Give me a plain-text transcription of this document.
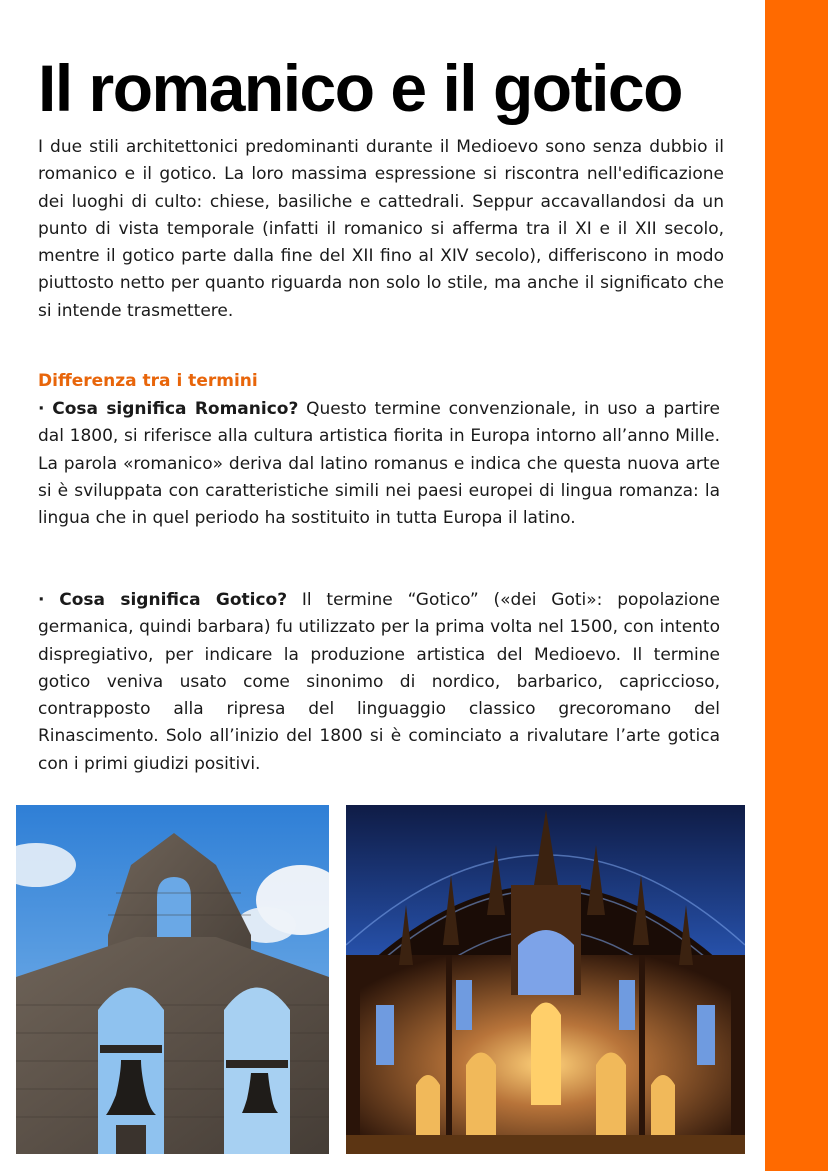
Il romanico e il gotico

I due stili architettonici predominanti durante il Medioevo sono senza dubbio il romanico e il gotico. La loro massima espressione si riscontra nell'edificazione dei luoghi di culto: chiese, basiliche e cattedrali. Seppur accavallandosi da un punto di vista temporale (infatti il romanico si afferma tra il XI e il XII secolo, mentre il gotico parte dalla fine del XII fino al XIV secolo), differiscono in modo piuttosto netto per quanto riguarda non solo lo stile, ma anche il significato che si intende trasmettere.

Differenza tra i termini

· Cosa significa Romanico? Questo termine convenzionale, in uso a partire dal 1800, si riferisce alla cultura artistica fiorita in Europa intorno all’anno Mille. La parola «romanico» deriva dal latino romanus e indica che questa nuova arte si è sviluppata con caratteristiche simili nei paesi europei di lingua romanza: la lingua che in quel periodo ha sostituito in tutta Europa il latino.

· Cosa significa Gotico? Il termine “Gotico” («dei Goti»: popolazione germanica, quindi barbara) fu utilizzato per la prima volta nel 1500, con intento dispregiativo, per indicare la produzione artistica del Medioevo. Il termine gotico veniva usato come sinonimo di nordico, barbarico, capriccioso, contrapposto alla ripresa del linguaggio classico grecoromano del Rinascimento. Solo all’inizio del 1800 si è cominciato a rivalutare l’arte gotica con i primi giudizi positivi.
